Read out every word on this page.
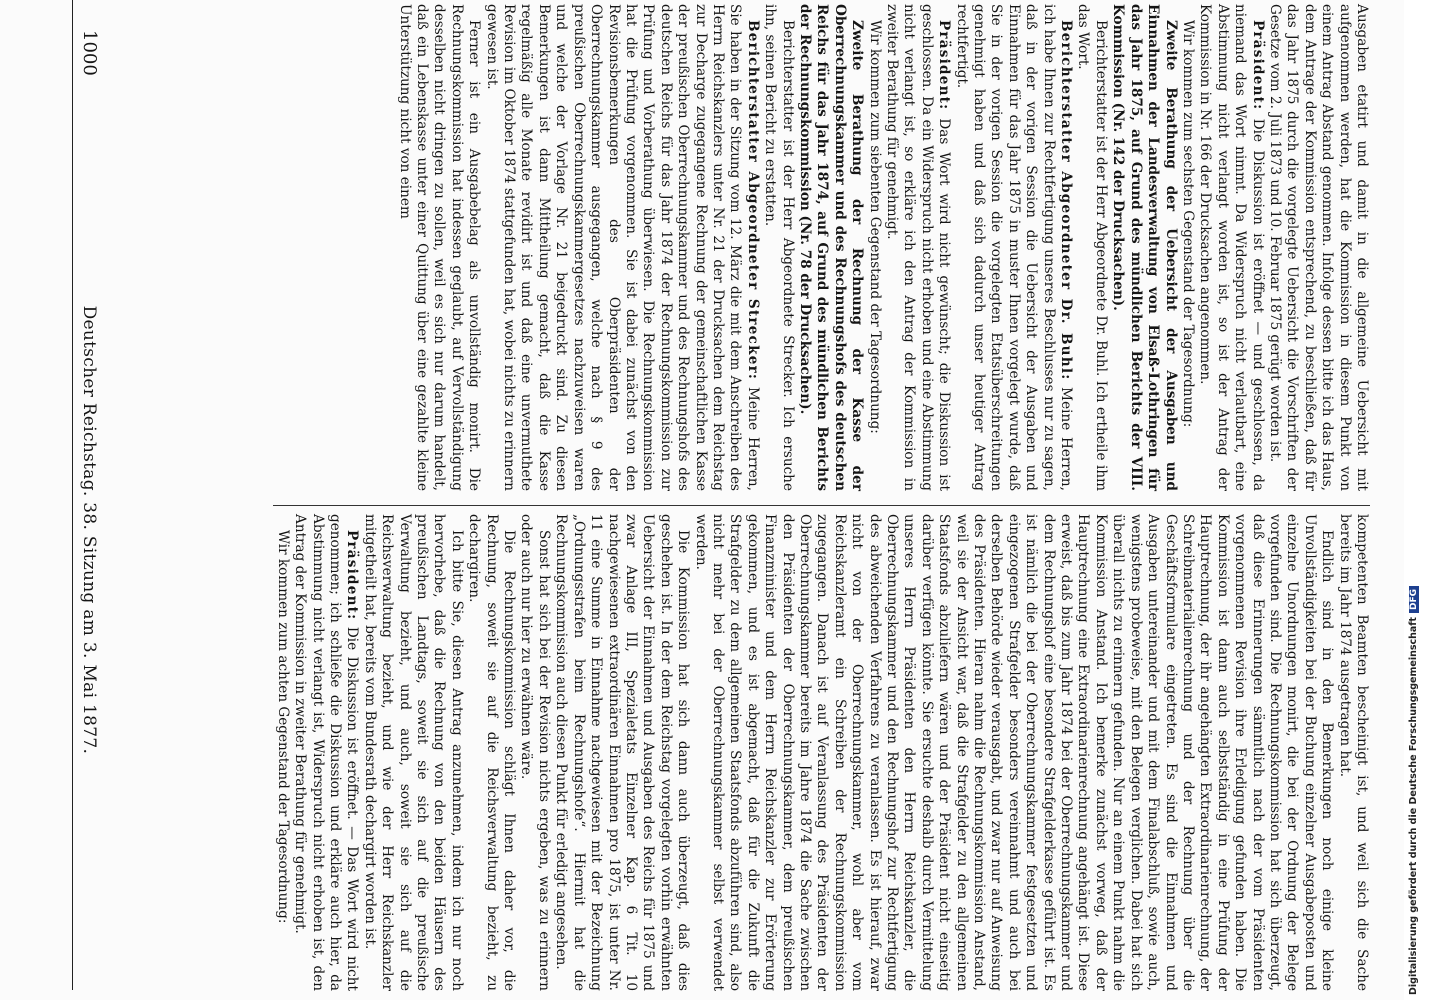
1000
Deutscher Reichstag. 38. Sitzung am 3. Mai 1877.

Ausgaben etatirt und damit in die allgemeine Uebersicht mit aufgenommen werden, hat die Kommission in diesem Punkt von einem Antrag Abstand genommen. Infolge dessen bitte ich das Haus, dem Antrage der Kommission entsprechend, zu beschließen, daß für das Jahr 1875 durch die vorgelegte Uebersicht die Vorschriften der Gesetze vom 2. Juli 1873 und 10. Februar 1875 gerügt worden ist.

Präsident: Die Diskussion ist eröffnet — und geschlossen, da niemand das Wort nimmt. Da Widerspruch nicht verlautbart, eine Abstimmung nicht verlangt worden ist, so ist der Antrag der Kommission in Nr. 166 der Drucksachen angenommen.

Wir kommen zum sechsten Gegenstand der Tagesordnung:

Zweite Berathung der Uebersicht der Ausgaben und Einnahmen der Landesverwaltung von Elsaß-Lothringen für das Jahr 1875, auf Grund des mündlichen Berichts der VIII. Kommission (Nr. 142 der Drucksachen).

Berichterstatter ist der Herr Abgeordnete Dr. Buhl. Ich ertheile ihm das Wort.

Berichterstatter Abgeordneter Dr. Buhl: Meine Herren, ich habe Ihnen zur Rechtfertigung unseres Beschlusses nur zu sagen, daß in der vorigen Session die Uebersicht der Ausgaben und Einnahmen für das Jahr 1875 in muster Ihnen vorgelegt wurde, daß Sie in der vorigen Session die vorgelegten Etatsüberschreitungen genehmigt haben und daß sich dadurch unser heutiger Antrag rechtfertigt.

Präsident: Das Wort wird nicht gewünscht; die Diskussion ist geschlossen. Da ein Widerspruch nicht erhoben und eine Abstimmung nicht verlangt ist, so erkläre ich den Antrag der Kommission in zweiter Berathung für genehmigt.

Wir kommen zum siebenten Gegenstand der Tagesordnung:

Zweite Berathung der Rechnung der Kasse der Oberrechnungskammer und des Rechnungshofs des deutschen Reichs für das Jahr 1874, auf Grund des mündlichen Berichts der Rechnungskommission (Nr. 78 der Drucksachen).

Berichterstatter ist der Herr Abgeordnete Strecker. Ich ersuche ihn, seinen Bericht zu erstatten.

Berichterstatter Abgeordneter Strecker: Meine Herren, Sie haben in der Sitzung vom 12. März die mit dem Anschreiben des Herrn Reichskanzlers unter Nr. 21 der Drucksachen dem Reichstag zur Decharge zugegangene Rechnung der gemeinschaftlichen Kasse der preußischen Oberrechnungskammer und des Rechnungshofs des deutschen Reichs für das Jahr 1874 der Rechnungskommission zur Prüfung und Vorberathung überwiesen. Die Rechnungskommission hat die Prüfung vorgenommen. Sie ist dabei zunächst von den Revisionsbemerkungen des Oberpräsidenten der Oberrechnungskammer ausgegangen, welche nach § 9 des preußischen Oberrechnungskammergesetzes nachzuweisen waren und welche der Vorlage Nr. 21 beigedruckt sind. Zu diesen Bemerkungen ist dann Mittheilung gemacht, daß die Kasse regelmäßig alle Monate revidirt ist und daß eine unvermuthete Revision im Oktober 1874 stattgefunden hat, wobei nichts zu erinnern gewesen ist.

Ferner ist ein Ausgabebelag als unvollständig monirt. Die Rechnungskommission hat indessen geglaubt, auf Vervollständigung desselben nicht dringen zu sollen, weil es sich nur darum handelt, daß ein Lebenskasse unter einer Quittung über eine gezahlte kleine Unterstützung nicht von einem

kompetenten Beamten bescheinigt ist, und weil sich die Sache bereits im Jahr 1874 ausgetragen hat.

Endlich sind in den Bemerkungen noch einige kleine Unvollständigkeiten bei der Buchung einzelner Ausgabeposten und einzelne Unordnungen monirt, die bei der Ordnung der Belege vorgefunden sind. Die Rechnungskommission hat sich überzeugt, daß diese Erinnerungen sämmtlich nach der vom Präsidenten vorgenommenen Revision ihre Erledigung gefunden haben. Die Kommission ist dann auch selbstständig in eine Prüfung der Hauptrechnung, der ihr angehängten Extraordinarienrechnung, der Schreibmaterialienrechnung und der Rechnung über die Geschäftsformulare eingetreten. Es sind die Einnahmen und Ausgaben untereinander und mit dem Finalabschluß, sowie auch, wenigstens probeweise, mit den Belegen verglichen. Dabei hat sich überall nichts zu erinnern gefunden. Nur an einem Punkt nahm die Kommission Anstand. Ich bemerke zunächst vorweg, daß der Hauptrechnung eine Extraordinarienrechnung angehängt ist. Diese erweist, daß bis zum Jahr 1874 bei der Oberrechnungskammer und dem Rechnungshof eine besondere Strafgelderkasse geführt ist. Es ist nämlich die bei der Oberrechnungskammer festgesetzten und eingezogenen Strafgelder besonders vereinnahmt und auch bei derselben Behörde wieder verausgabt, und zwar nur auf Anweisung des Präsidenten. Hieran nahm die Rechnungskommission Anstand, weil sie der Ansicht war, daß die Strafgelder zu den allgemeinen Staatsfonds abzuliefern wären und der Präsident nicht einseitig darüber verfügen könnte. Sie ersuchte deshalb durch Vermittelung unseres Herrn Präsidenten den Herrn Reichskanzler, die Oberrechnungskammer und den Rechnungshof zur Rechtfertigung des abweichenden Verfahrens zu veranlassen. Es ist hierauf, zwar nicht von der Oberrechnungskammer, wohl aber vom Reichskanzleramt ein Schreiben der Rechnungskommission zugegangen. Danach ist auf Veranlassung des Präsidenten der Oberrechnungskammer bereits im Jahre 1874 die Sache zwischen den Präsidenten der Oberrechnungskammer, dem preußischen Finanzminister und dem Herrn Reichskanzler zur Erörterung gekommen, und es ist abgemacht, daß für die Zukunft die Strafgelder zu dem allgemeinen Staatsfonds abzuführen sind, also nicht mehr bei der Oberrechnungskammer selbst verwendet werden.

Die Kommission hat sich dann auch überzeugt, daß dies geschehen ist. In der dem Reichstag vorgelegten vorhin erwähnten Uebersicht der Einnahmen und Ausgaben des Reichs für 1875 und zwar Anlage III, Spezialetats Einzelner Kap. 6 Tit. 10 nachgewiesenen extraordinären Einnahmen pro 1875, ist unter Nr. 11 eine Summe in Einnahme nachgewiesen mit der Bezeichnung „Ordnungsstrafen beim Rechnungshofe“. Hiermit hat die Rechnungskommission auch diesen Punkt für erledigt angesehen.

Sonst hat sich bei der Revision nichts ergeben, was zu erinnern oder auch nur hier zu erwähnen wäre.

Die Rechnungskommission schlägt Ihnen daher vor, die Rechnung, soweit sie auf die Reichsverwaltung bezieht, zu dechargiren.

Ich bitte Sie, diesen Antrag anzunehmen, indem ich nur noch hervorhebe, daß die Rechnung von den beiden Häusern des preußischen Landtags, soweit sie sich auf die preußische Verwaltung bezieht, und auch, soweit sie sich auf die Reichsverwaltung bezieht, und wie der Herr Reichskanzler mitgetheilt hat, bereits vom Bundesrath dechargirt worden ist.

Präsident: Die Diskussion ist eröffnet. — Das Wort wird nicht genommen; ich schließe die Diskussion und erkläre auch hier, da Abstimmung nicht verlangt ist, Widerspruch nicht erhoben ist, den Antrag der Kommission in zweiter Berathung für genehmigt.

Wir kommen zum achten Gegenstand der Tagesordnung:	Digitalisierung gefördert durch die Deutsche ForschungsgemeinschaftDFG
